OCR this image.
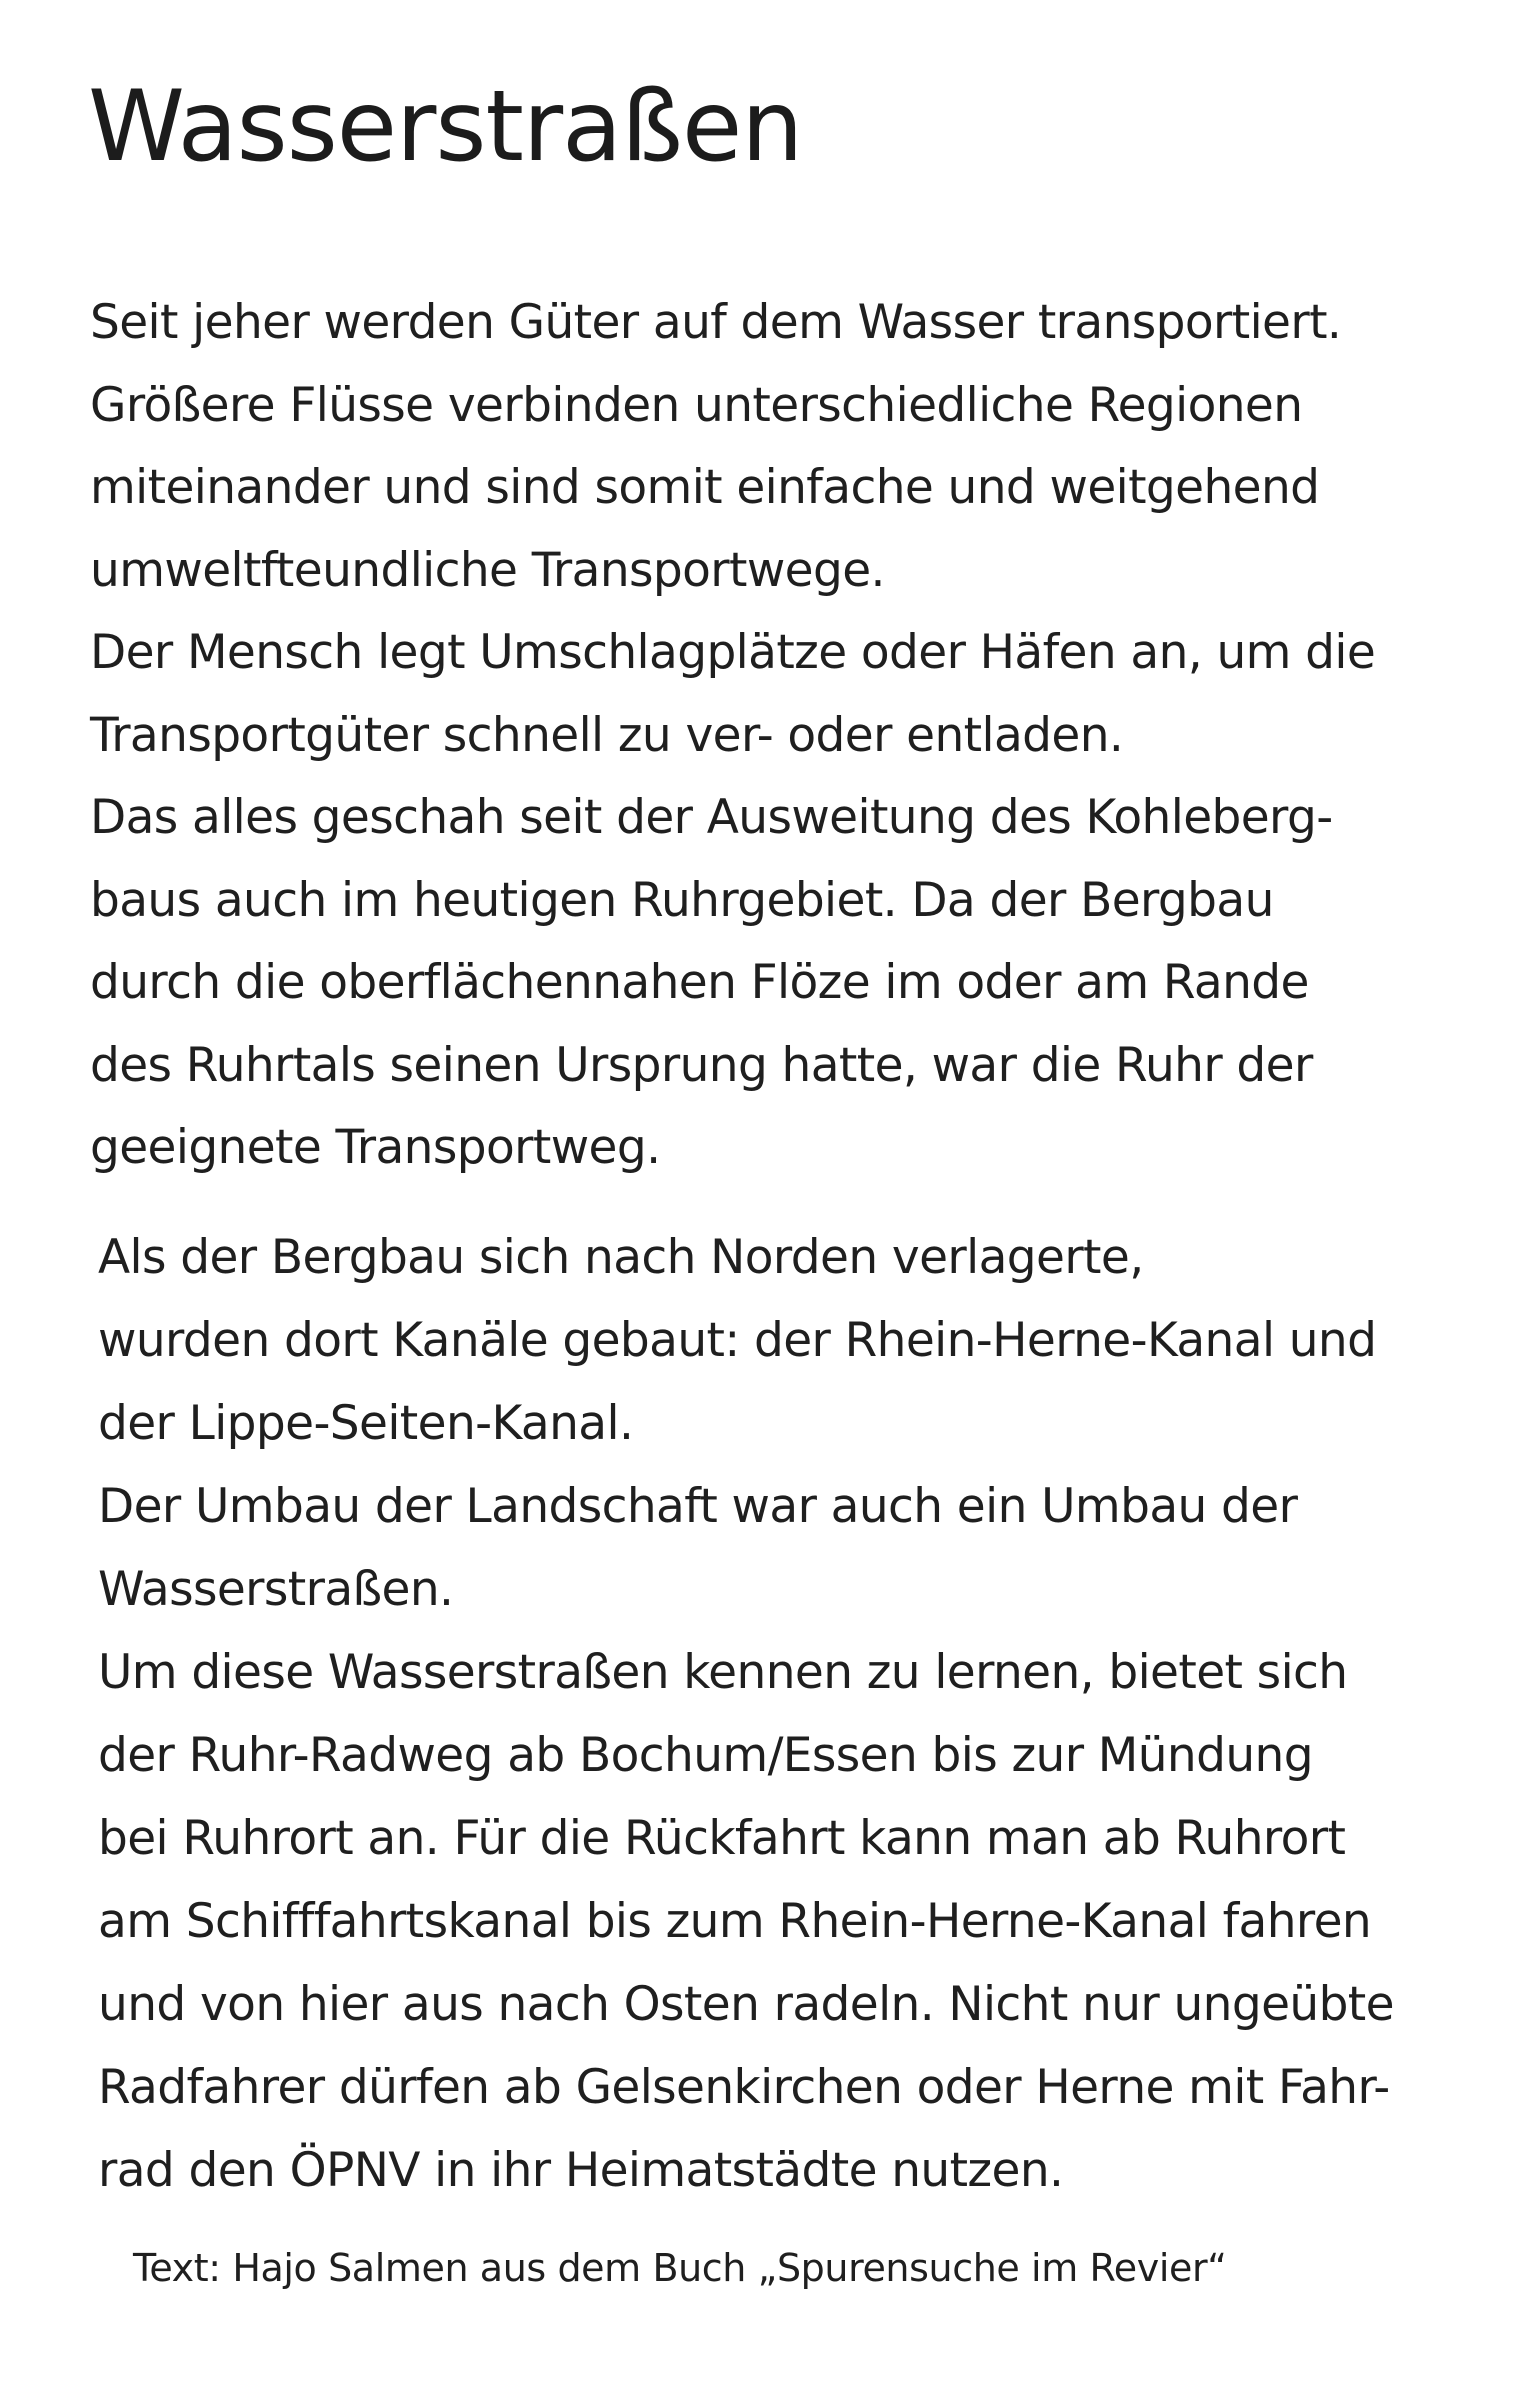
Wasserstraßen
Seit jeher werden Güter auf dem Wasser transportiert.
Größere Flüsse verbinden unterschiedliche Regionen
miteinander und sind somit einfache und weitgehend
umweltfteundliche Transportwege.
Der Mensch legt Umschlagplätze oder Häfen an, um die
Transportgüter schnell zu ver- oder entladen.
Das alles geschah seit der Ausweitung des Kohleberg-
baus auch im heutigen Ruhrgebiet. Da der Bergbau
durch die oberflächennahen Flöze im oder am Rande
des Ruhrtals seinen Ursprung hatte, war die Ruhr der
geeignete Transportweg.
Als der Bergbau sich nach Norden verlagerte,
wurden dort Kanäle gebaut: der Rhein-Herne-Kanal und
der Lippe-Seiten-Kanal.
Der Umbau der Landschaft war auch ein Umbau der
Wasserstraßen.
Um diese Wasserstraßen kennen zu lernen, bietet sich
der Ruhr-Radweg ab Bochum/Essen bis zur Mündung
bei Ruhrort an. Für die Rückfahrt kann man ab Ruhrort
am Schifffahrtskanal bis zum Rhein-Herne-Kanal fahren
und von hier aus nach Osten radeln. Nicht nur ungeübte
Radfahrer dürfen ab Gelsenkirchen oder Herne mit Fahr-
rad den ÖPNV in ihr Heimatstädte nutzen.

Text: Hajo Salmen aus dem Buch „Spurensuche im Revier“
